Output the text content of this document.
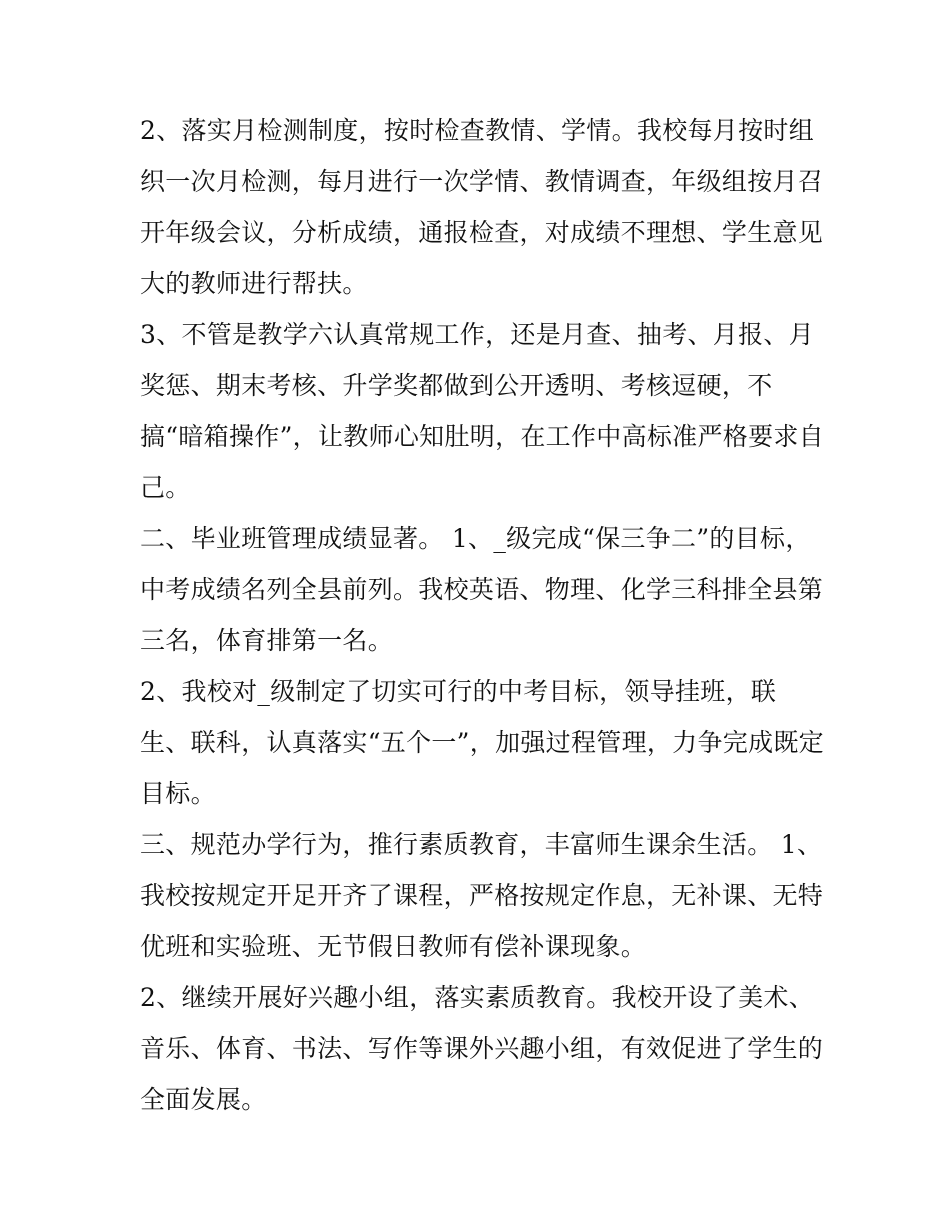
2、落实月检测制度，按时检查教情、学情。我校每月按时组
织一次月检测，每月进行一次学情、教情调查，年级组按月召
开年级会议，分析成绩，通报检查，对成绩不理想、学生意见
大的教师进行帮扶。
3、不管是教学六认真常规工作，还是月查、抽考、月报、月
奖惩、期末考核、升学奖都做到公开透明、考核逗硬，不
搞“暗箱操作”，让教师心知肚明，在工作中高标准严格要求自
己。
二、毕业班管理成绩显著。 1、_级完成“保三争二”的目标，
中考成绩名列全县前列。我校英语、物理、化学三科排全县第
三名，体育排第一名。
2、我校对_级制定了切实可行的中考目标，领导挂班，联
生、联科，认真落实“五个一”，加强过程管理，力争完成既定
目标。
三、规范办学行为，推行素质教育，丰富师生课余生活。 1、
我校按规定开足开齐了课程，严格按规定作息，无补课、无特
优班和实验班、无节假日教师有偿补课现象。
2、继续开展好兴趣小组，落实素质教育。我校开设了美术、
音乐、体育、书法、写作等课外兴趣小组，有效促进了学生的
全面发展。
